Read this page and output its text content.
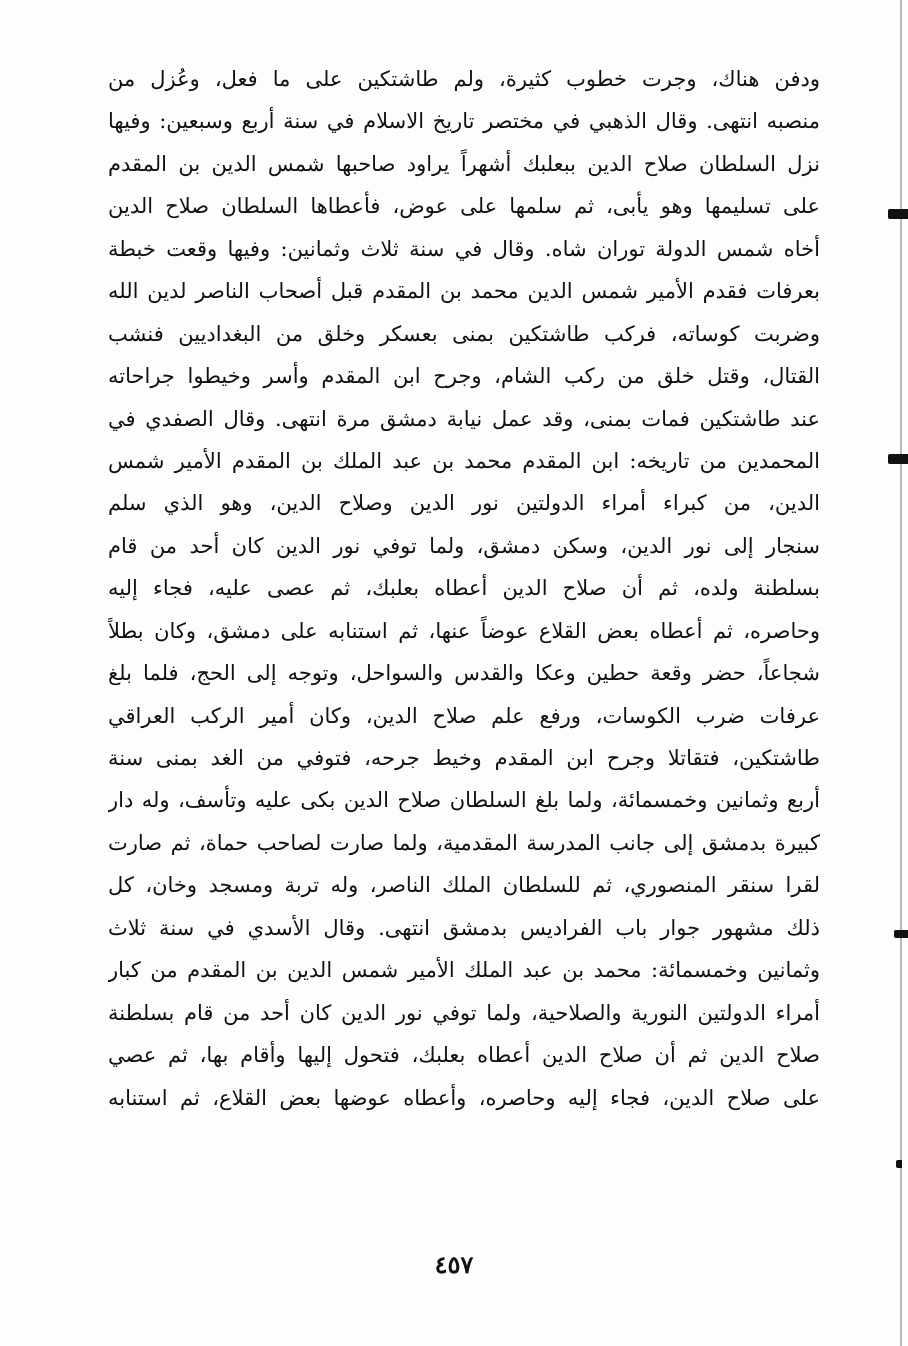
ودفن هناك، وجرت خطوب كثيرة، ولم طاشتكين على ما فعل، وعُزل من
منصبه انتهى. وقال الذهبي في مختصر تاريخ الاسلام في سنة أربع وسبعين: وفيها
نزل السلطان صلاح الدين ببعلبك أشهراً يراود صاحبها شمس الدين بن المقدم
على تسليمها وهو يأبى، ثم سلمها على عوض، فأعطاها السلطان صلاح الدين
أخاه شمس الدولة توران شاه. وقال في سنة ثلاث وثمانين: وفيها وقعت خبطة
بعرفات فقدم الأمير شمس الدين محمد بن المقدم قبل أصحاب الناصر لدين الله
وضربت كوساته، فركب طاشتكين بمنى بعسكر وخلق من البغداديين فنشب
القتال، وقتل خلق من ركب الشام، وجرح ابن المقدم وأسر وخيطوا جراحاته
عند طاشتكين فمات بمنى، وقد عمل نيابة دمشق مرة انتهى. وقال الصفدي في
المحمدين من تاريخه: ابن المقدم محمد بن عبد الملك بن المقدم الأمير شمس
الدين، من كبراء أمراء الدولتين نور الدين وصلاح الدين، وهو الذي سلم
سنجار إلى نور الدين، وسكن دمشق، ولما توفي نور الدين كان أحد من قام
بسلطنة ولده، ثم أن صلاح الدين أعطاه بعلبك، ثم عصى عليه، فجاء إليه
وحاصره، ثم أعطاه بعض القلاع عوضاً عنها، ثم استنابه على دمشق، وكان بطلاً
شجاعاً، حضر وقعة حطين وعكا والقدس والسواحل، وتوجه إلى الحج، فلما بلغ
عرفات ضرب الكوسات، ورفع علم صلاح الدين، وكان أمير الركب العراقي
طاشتكين، فتقاتلا وجرح ابن المقدم وخيط جرحه، فتوفي من الغد بمنى سنة
أربع وثمانين وخمسمائة، ولما بلغ السلطان صلاح الدين بكى عليه وتأسف، وله دار
كبيرة بدمشق إلى جانب المدرسة المقدمية، ولما صارت لصاحب حماة، ثم صارت
لقرا سنقر المنصوري، ثم للسلطان الملك الناصر، وله تربة ومسجد وخان، كل
ذلك مشهور جوار باب الفراديس بدمشق انتهى. وقال الأسدي في سنة ثلاث
وثمانين وخمسمائة: محمد بن عبد الملك الأمير شمس الدين بن المقدم من كبار
أمراء الدولتين النورية والصلاحية، ولما توفي نور الدين كان أحد من قام بسلطنة
صلاح الدين ثم أن صلاح الدين أعطاه بعلبك، فتحول إليها وأقام بها، ثم عصي
على صلاح الدين، فجاء إليه وحاصره، وأعطاه عوضها بعض القلاع، ثم استنابه
٤٥٧
